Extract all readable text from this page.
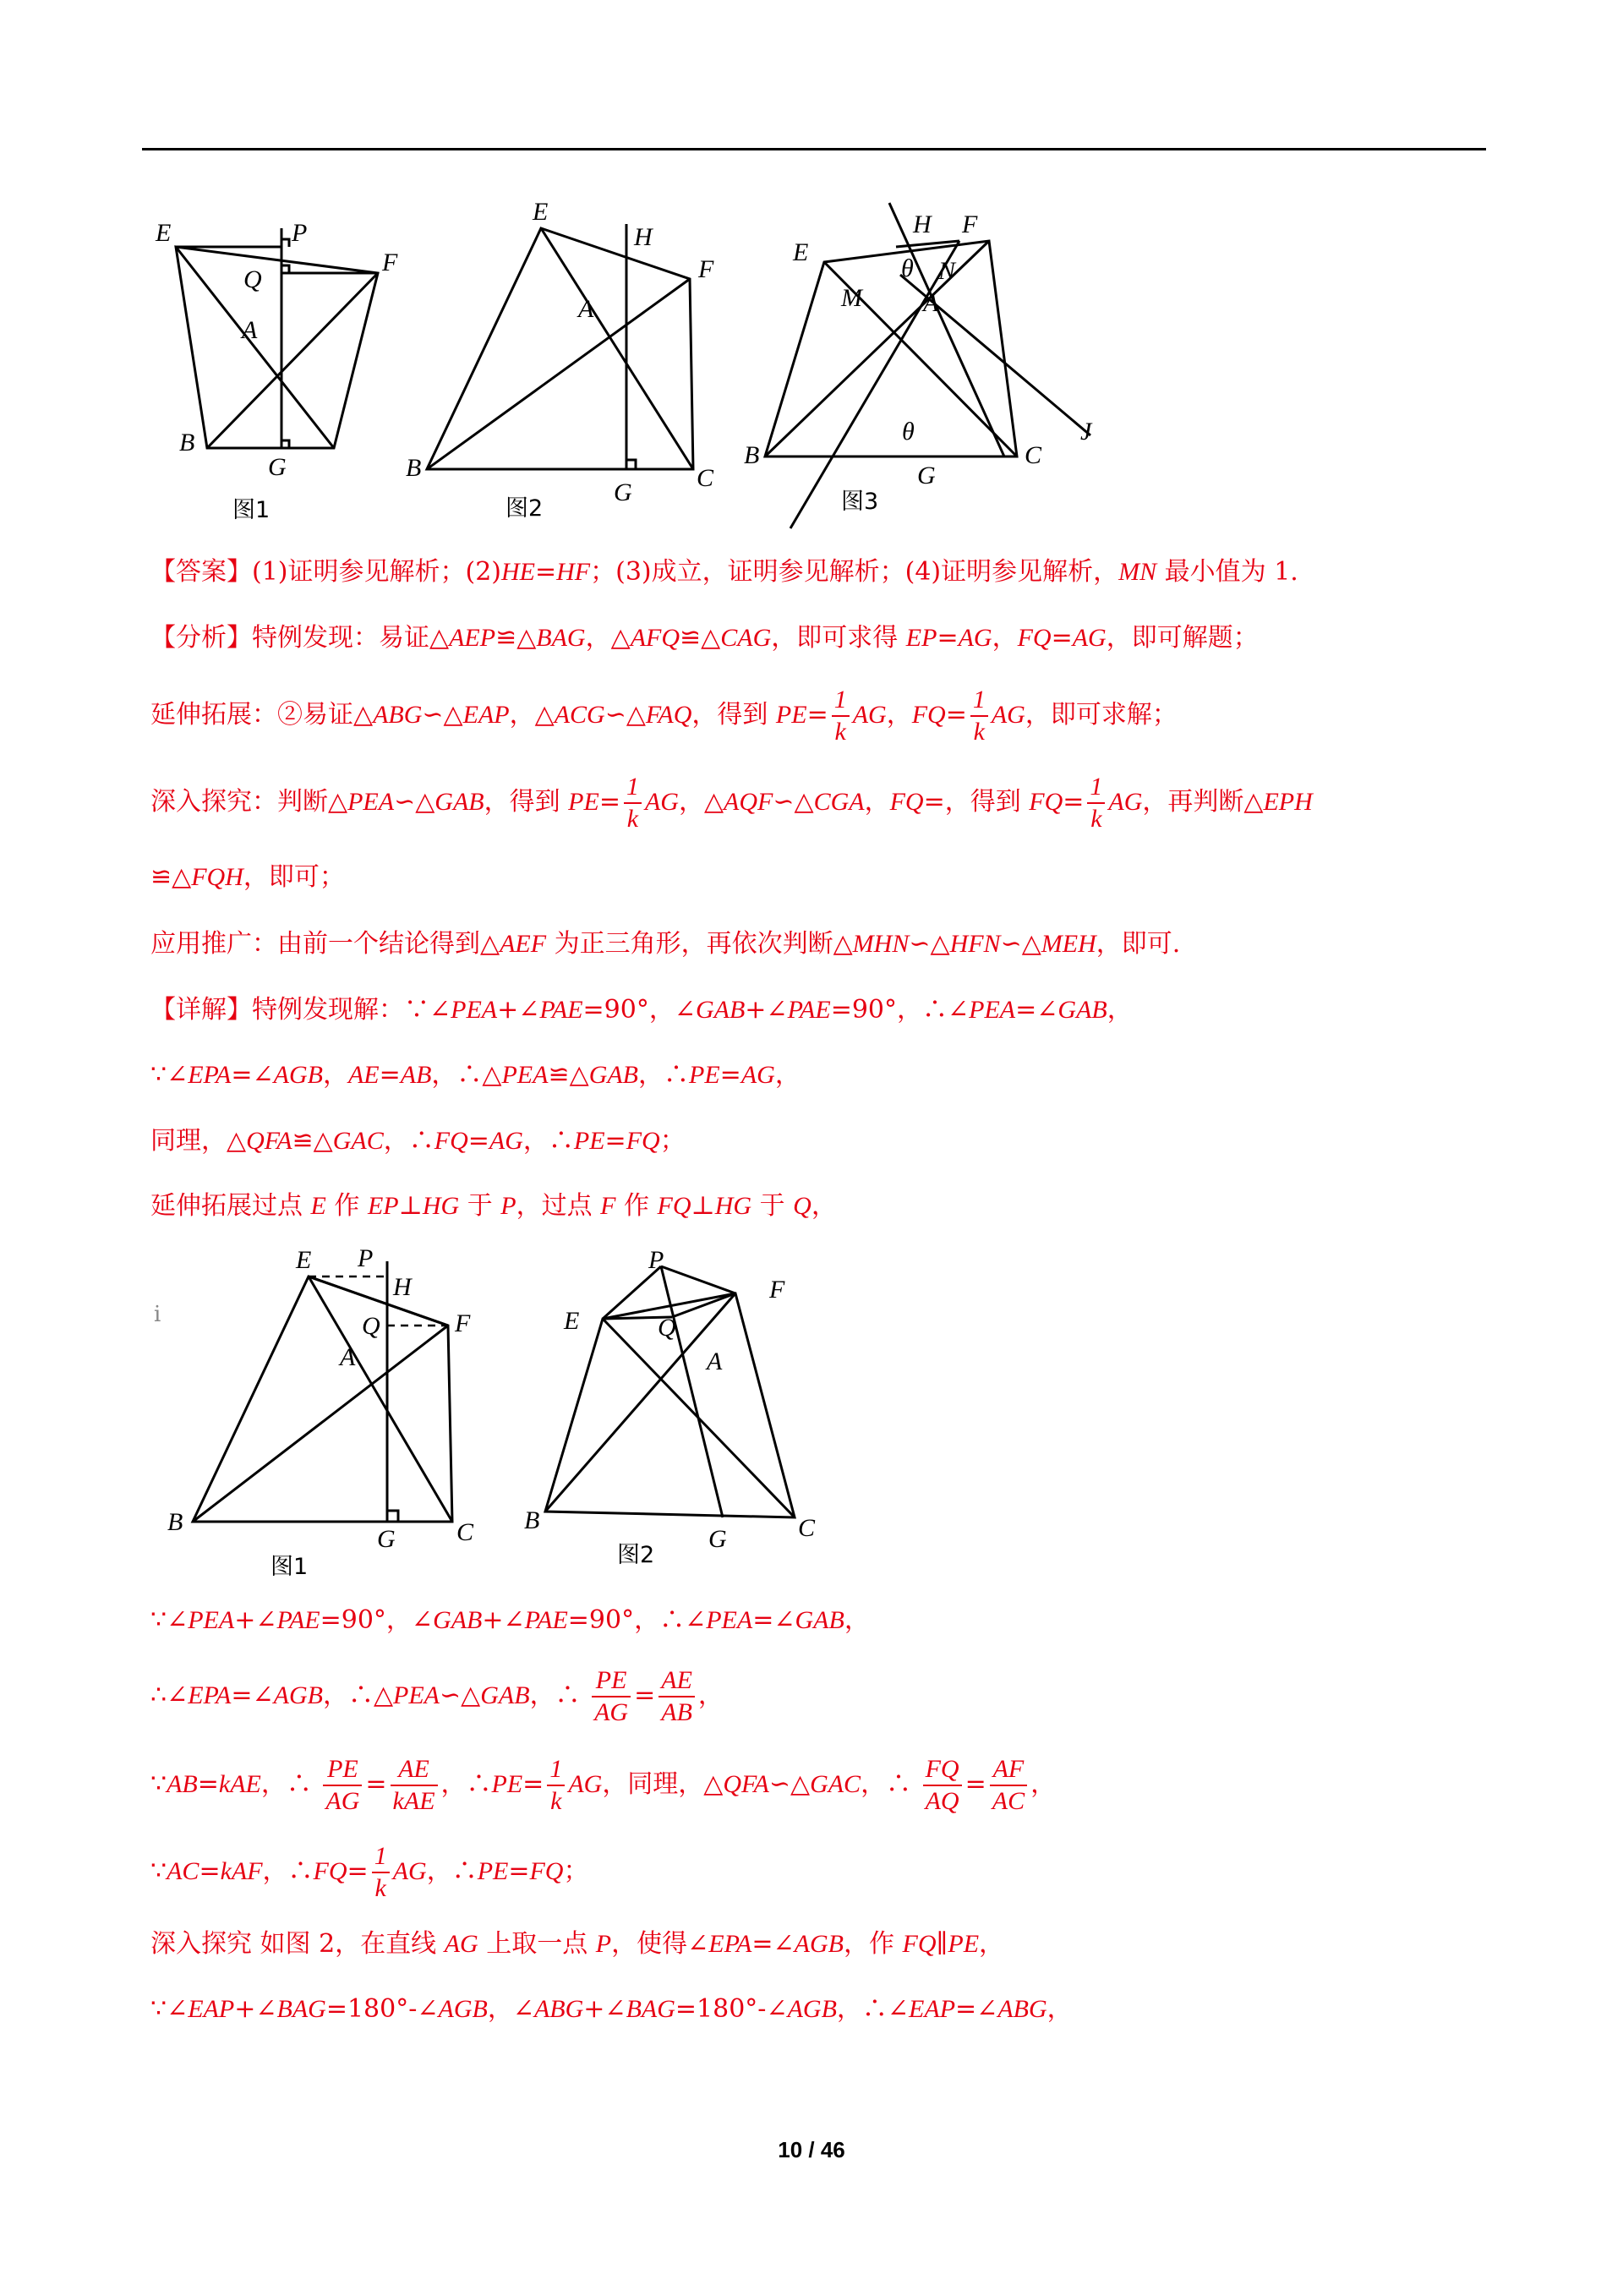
E	P
Q
F
A
B
G
图1
E
H
F
A
B
G
C
图2
H F
E
θ N
M A
J
θ
B
G
C
图3
【答案】(1)证明参见解析；(2)HE=HF；(3)成立，证明参见解析；(4)证明参见解析，MN 最小值为 1.
【分析】特例发现：易证△AEP≌△BAG，△AFQ≌△CAG，即可求得 EP=AG，FQ=AG，即可解题；
延伸拓展：②易证△ABG∽△EAP，△ACG∽△FAQ，得到 $PE= \frac{1}{k}$ AG，$FQ= \frac{1}{k}$ AG，即可求解；
深入探究：判断△PEA∽△GAB，得到 $PE= \frac{1}{k}$ AG，△AQF∽△CGA，FQ=，得到 $FQ= \frac{1}{k}$ AG，再判断△EPH
≌△FQH，即可；
应用推广：由前一个结论得到△AEF 为正三角形，再依次判断△MHN∽△HFN∽△MEH，即可.
【详解】特例发现解：∵∠PEA+∠PAE=90°，∠GAB+∠PAE=90°，∴∠PEA=∠GAB，
∵∠EPA=∠AGB，AE=AB，∴△PEA≌△GAB，∴PE=AG，
同理，△QFA≌△GAC，∴FQ=AG，∴PE=FQ；
延伸拓展过点 E 作 EP⊥HG 于 P，过点 F 作 FQ⊥HG 于 Q，
i
E P
H
Q	F
A
B
G C
图1
P
F
E	Q
A
B
G	C
图2
∵∠PEA+∠PAE=90°，∠GAB+∠PAE=90°，∴∠PEA=∠GAB，
∴∠EPA=∠AGB，∴△PEA∽△GAB，∴ $\frac{PE}{AG} = \frac{AE}{AB}$ ，
∵AB=kAE，∴ $\frac{PE}{AG} = \frac{AE}{\text{kAE}}$ ，∴PE= $\frac{1}{k}$ AG，同理，△QFA∽△GAC，∴ $\frac{FQ}{AQ} = \frac{AF}{AC}$ ，
∵AC=kAF，∴FQ= $\frac{1}{k}$ AG，∴PE=FQ；
深入探究 如图 2，在直线 AG 上取一点 P，使得∠EPA=∠AGB，作 FQ∥PE，
∵∠EAP+∠BAG=180°-∠AGB，∠ABG+∠BAG=180°-∠AGB，∴∠EAP=∠ABG，
10 / 46
